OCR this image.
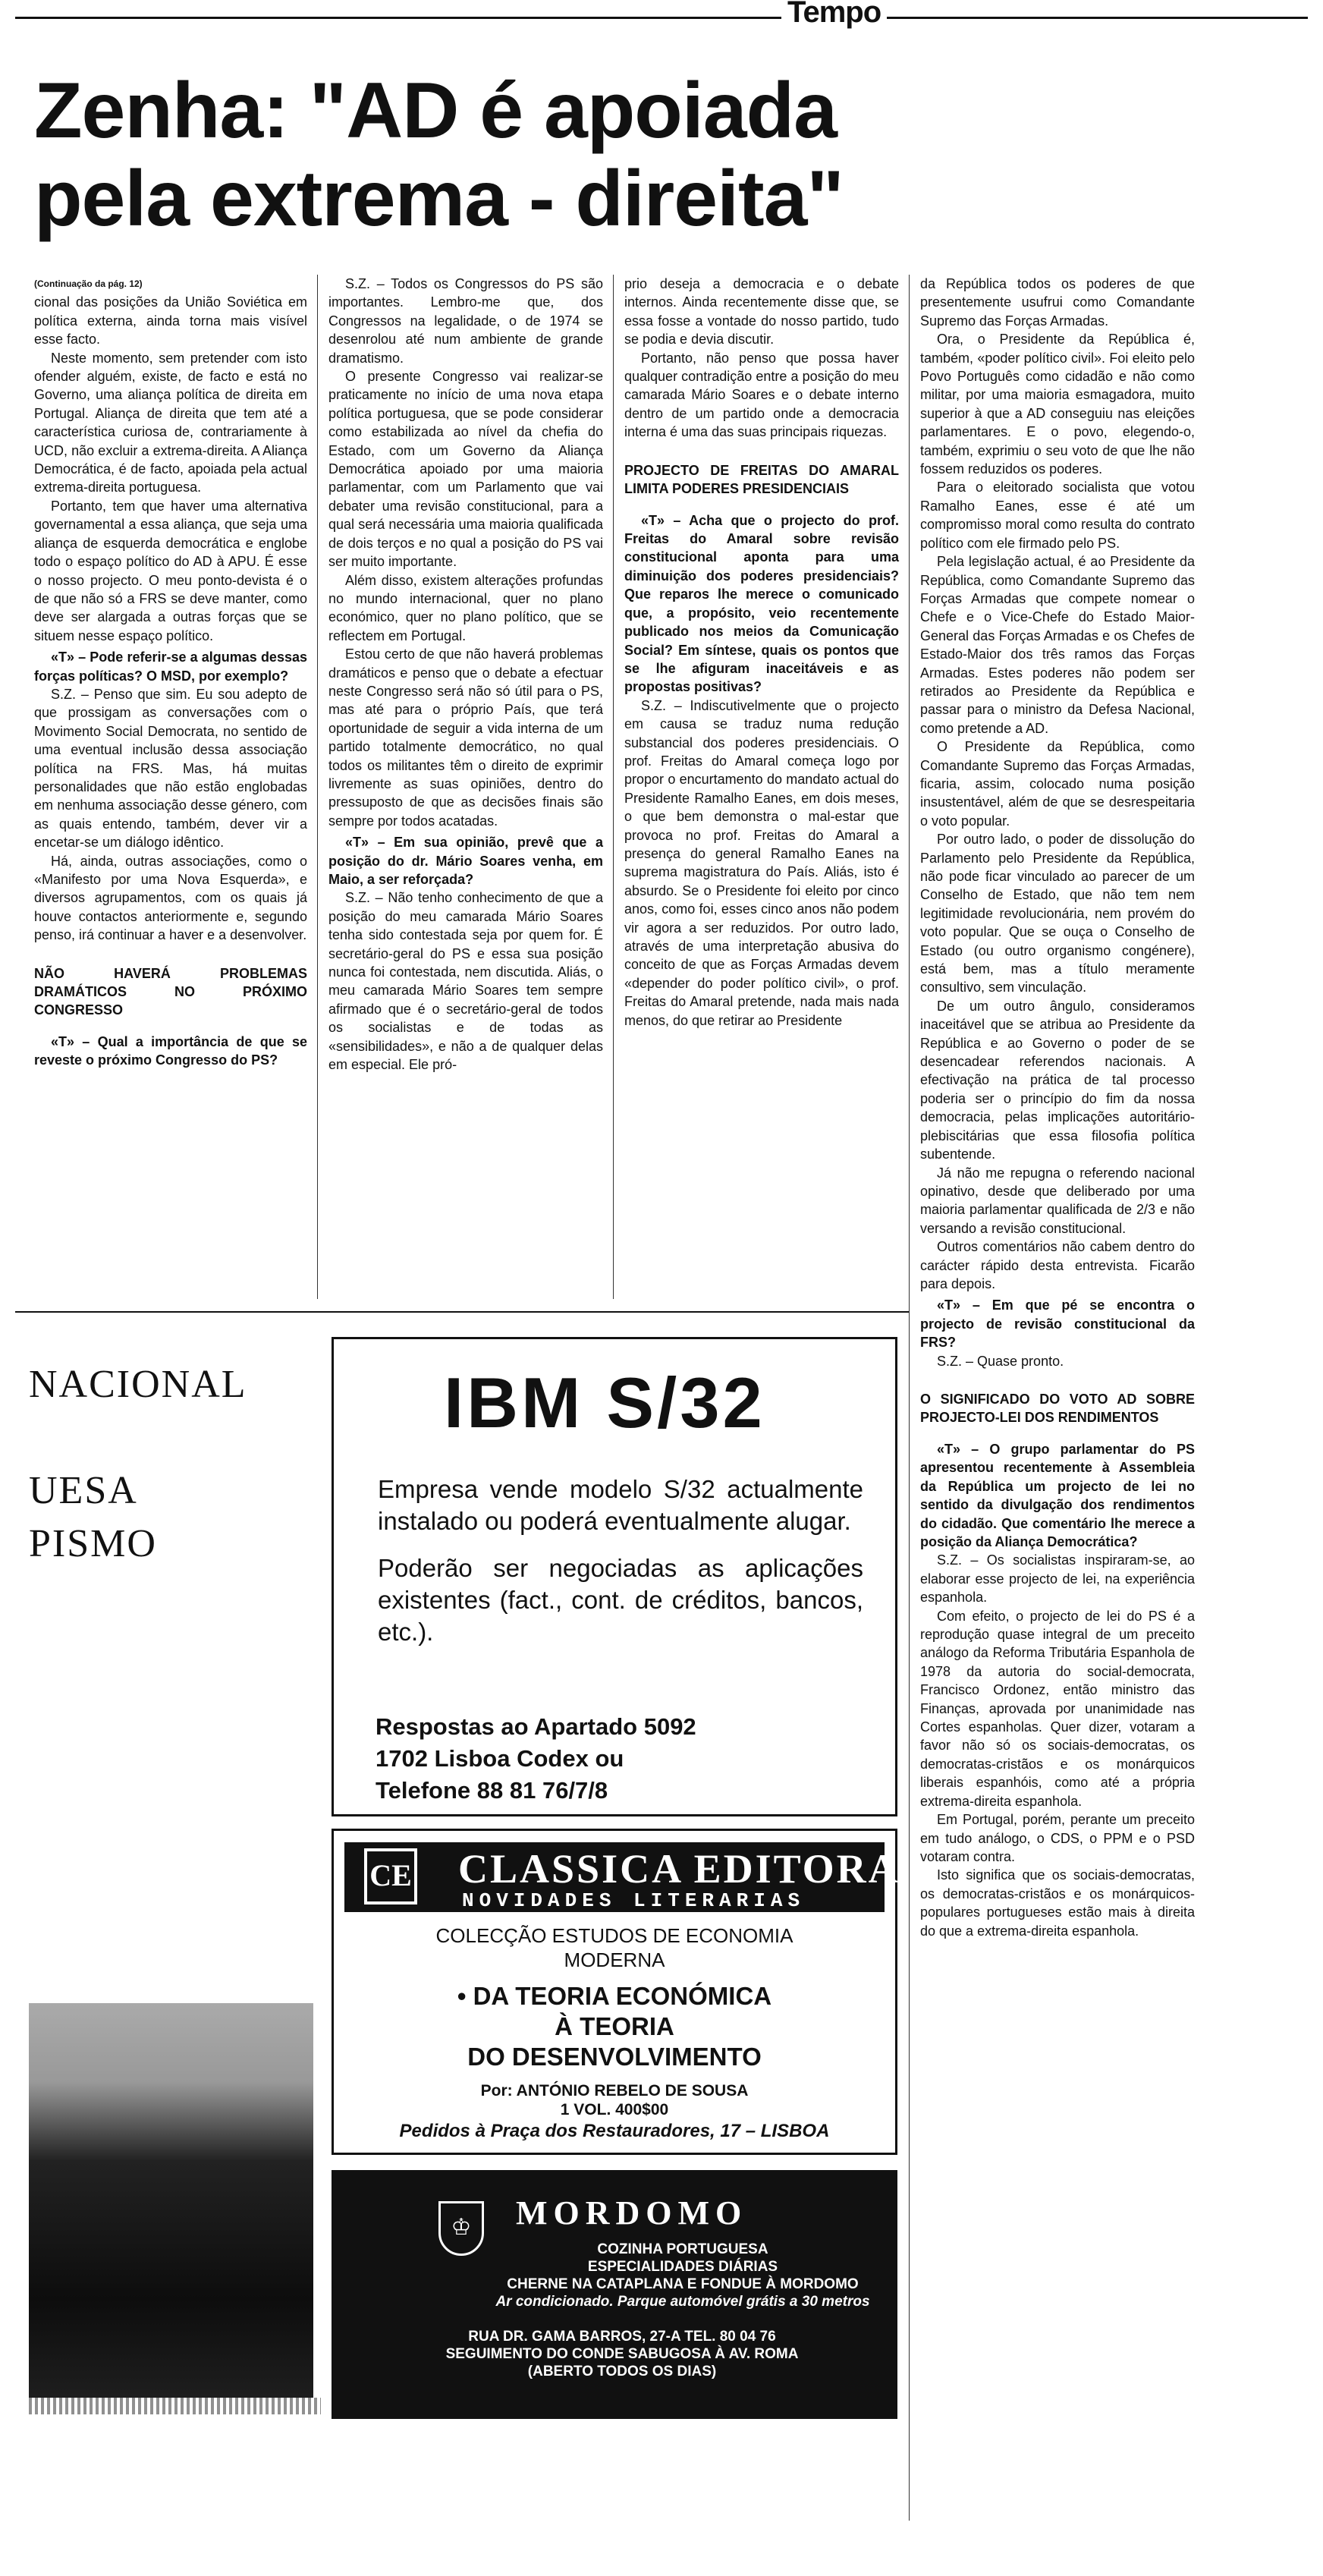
Tempo
Zenha: "AD é apoiada
pela extrema - direita"

(Continuação da pág. 12)

cional das posições da União Soviética em política externa, ainda torna mais visível esse facto.

Neste momento, sem pretender com isto ofender alguém, existe, de facto e está no Governo, uma aliança política de direita em Portugal. Aliança de direita que tem até a característica curiosa de, contrariamente à UCD, não excluir a extrema-direita. A Aliança Democrática, é de facto, apoiada pela actual extrema-direita portuguesa.

Portanto, tem que haver uma alternativa governamental a essa aliança, que seja uma aliança de esquerda democrática e englobe todo o espaço político do AD à APU. É esse o nosso projecto. O meu ponto-devista é o de que não só a FRS se deve manter, como deve ser alargada a outras forças que se situem nesse espaço político.

«T» – Pode referir-se a algumas dessas forças políticas? O MSD, por exemplo?

S.Z. – Penso que sim. Eu sou adepto de que prossigam as conversações com o Movimento Social Democrata, no sentido de uma eventual inclusão dessa associação política na FRS. Mas, há muitas personalidades que não estão englobadas em nenhuma associação desse género, com as quais entendo, também, dever vir a encetar-se um diálogo idêntico.

Há, ainda, outras associações, como o «Manifesto por uma Nova Esquerda», e diversos agrupamentos, com os quais já houve contactos anteriormente e, segundo penso, irá continuar a haver e a desenvolver.

NÃO HAVERÁ PROBLEMAS DRAMÁTICOS NO PRÓXIMO CONGRESSO

«T» – Qual a importância de que se reveste o próximo Congresso do PS?

S.Z. – Todos os Congressos do PS são importantes. Lembro-me que, dos Congressos na legalidade, o de 1974 se desenrolou até num ambiente de grande dramatismo.

O presente Congresso vai realizar-se praticamente no início de uma nova etapa política portuguesa, que se pode considerar como estabilizada ao nível da chefia do Estado, com um Governo da Aliança Democrática apoiado por uma maioria parlamentar, com um Parlamento que vai debater uma revisão constitucional, para a qual será necessária uma maioria qualificada de dois terços e no qual a posição do PS vai ser muito importante.

Além disso, existem alterações profundas no mundo internacional, quer no plano económico, quer no plano político, que se reflectem em Portugal.

Estou certo de que não haverá problemas dramáticos e penso que o debate a efectuar neste Congresso será não só útil para o PS, mas até para o próprio País, que terá oportunidade de seguir a vida interna de um partido totalmente democrático, no qual todos os militantes têm o direito de exprimir livremente as suas opiniões, dentro do pressuposto de que as decisões finais são sempre por todos acatadas.

«T» – Em sua opinião, prevê que a posição do dr. Mário Soares venha, em Maio, a ser reforçada?

S.Z. – Não tenho conhecimento de que a posição do meu camarada Mário Soares tenha sido contestada seja por quem for. É secretário-geral do PS e essa sua posição nunca foi contestada, nem discutida. Aliás, o meu camarada Mário Soares tem sempre afirmado que é o secretário-geral de todos os socialistas e de todas as «sensibilidades», e não a de qualquer delas em especial. Ele pró-

prio deseja a democracia e o debate internos. Ainda recentemente disse que, se essa fosse a vontade do nosso partido, tudo se podia e devia discutir.

Portanto, não penso que possa haver qualquer contradição entre a posição do meu camarada Mário Soares e o debate interno dentro de um partido onde a democracia interna é uma das suas principais riquezas.

PROJECTO DE FREITAS DO AMARAL LIMITA PODERES PRESIDENCIAIS

«T» – Acha que o projecto do prof. Freitas do Amaral sobre revisão constitucional aponta para uma diminuição dos poderes presidenciais? Que reparos lhe merece o comunicado que, a propósito, veio recentemente publicado nos meios da Comunicação Social? Em síntese, quais os pontos que se lhe afiguram inaceitáveis e as propostas positivas?

S.Z. – Indiscutivelmente que o projecto em causa se traduz numa redução substancial dos poderes presidenciais. O prof. Freitas do Amaral começa logo por propor o encurtamento do mandato actual do Presidente Ramalho Eanes, em dois meses, o que bem demonstra o mal-estar que provoca no prof. Freitas do Amaral a presença do general Ramalho Eanes na suprema magistratura do País. Aliás, isto é absurdo. Se o Presidente foi eleito por cinco anos, como foi, esses cinco anos não podem vir agora a ser reduzidos. Por outro lado, através de uma interpretação abusiva do conceito de que as Forças Armadas devem «depender do poder político civil», o prof. Freitas do Amaral pretende, nada mais nada menos, do que retirar ao Presidente

da República todos os poderes de que presentemente usufrui como Comandante Supremo das Forças Armadas.

Ora, o Presidente da República é, também, «poder político civil». Foi eleito pelo Povo Português como cidadão e não como militar, por uma maioria esmagadora, muito superior à que a AD conseguiu nas eleições parlamentares. E o povo, elegendo-o, também, exprimiu o seu voto de que lhe não fossem reduzidos os poderes.

Para o eleitorado socialista que votou Ramalho Eanes, esse é até um compromisso moral como resulta do contrato político com ele firmado pelo PS.

Pela legislação actual, é ao Presidente da República, como Comandante Supremo das Forças Armadas que compete nomear o Chefe e o Vice-Chefe do Estado Maior-General das Forças Armadas e os Chefes de Estado-Maior dos três ramos das Forças Armadas. Estes poderes não podem ser retirados ao Presidente da República e passar para o ministro da Defesa Nacional, como pretende a AD.

O Presidente da República, como Comandante Supremo das Forças Armadas, ficaria, assim, colocado numa posição insustentável, além de que se desrespeitaria o voto popular.

Por outro lado, o poder de dissolução do Parlamento pelo Presidente da República, não pode ficar vinculado ao parecer de um Conselho de Estado, que não tem nem legitimidade revolucionária, nem provém do voto popular. Que se ouça o Conselho de Estado (ou outro organismo congénere), está bem, mas a título meramente consultivo, sem vinculação.

De um outro ângulo, consideramos inaceitável que se atribua ao Presidente da República e ao Governo o poder de se desencadear referendos nacionais. A efectivação na prática de tal processo poderia ser o princípio do fim da nossa democracia, pelas implicações autoritário-plebiscitárias que essa filosofia política subentende.

Já não me repugna o referendo nacional opinativo, desde que deliberado por uma maioria parlamentar qualificada de 2/3 e não versando a revisão constitucional.

Outros comentários não cabem dentro do carácter rápido desta entrevista. Ficarão para depois.

«T» – Em que pé se encontra o projecto de revisão constitucional da FRS?

S.Z. – Quase pronto.

O SIGNIFICADO DO VOTO AD SOBRE PROJECTO-LEI DOS RENDIMENTOS

«T» – O grupo parlamentar do PS apresentou recentemente à Assembleia da República um projecto de lei no sentido da divulgação dos rendimentos do cidadão. Que comentário lhe merece a posição da Aliança Democrática?

S.Z. – Os socialistas inspiraram-se, ao elaborar esse projecto de lei, na experiência espanhola.

Com efeito, o projecto de lei do PS é a reprodução quase integral de um preceito análogo da Reforma Tributária Espanhola de 1978 da autoria do social-democrata, Francisco Ordonez, então ministro das Finanças, aprovada por unanimidade nas Cortes espanholas. Quer dizer, votaram a favor não só os sociais-democratas, os democratas-cristãos e os monárquicos liberais espanhóis, como até a própria extrema-direita espanhola.

Em Portugal, porém, perante um preceito em tudo análogo, o CDS, o PPM e o PSD votaram contra.

Isto significa que os sociais-democratas, os democratas-cristãos e os monárquicos-populares portugueses estão mais à direita do que a extrema-direita espanhola.

NACIONAL
UESA
PISMO
IBM S/32
Empresa vende modelo S/32 actualmente instalado ou poderá eventualmente alugar.
Poderão ser negociadas as aplicações existentes (fact., cont. de créditos, bancos, etc.).
Respostas ao Apartado 5092
1702 Lisboa Codex ou
Telefone 88 81 76/7/8
CE CLASSICA EDITORA
NOVIDADES LITERARIAS
COLECÇÃO ESTUDOS DE ECONOMIA
MODERNA
• DA TEORIA ECONÓMICA
À TEORIA
DO DESENVOLVIMENTO
Por: ANTÓNIO REBELO DE SOUSA
1 VOL. 400$00
Pedidos à Praça dos Restauradores, 17 – LISBOA
♔	MORDOMO
COZINHA PORTUGUESA
ESPECIALIDADES DIÁRIAS
CHERNE NA CATAPLANA E FONDUE À MORDOMO
Ar condicionado. Parque automóvel grátis a 30 metros
RUA DR. GAMA BARROS, 27-A TEL. 80 04 76
SEGUIMENTO DO CONDE SABUGOSA À AV. ROMA
(ABERTO TODOS OS DIAS)
